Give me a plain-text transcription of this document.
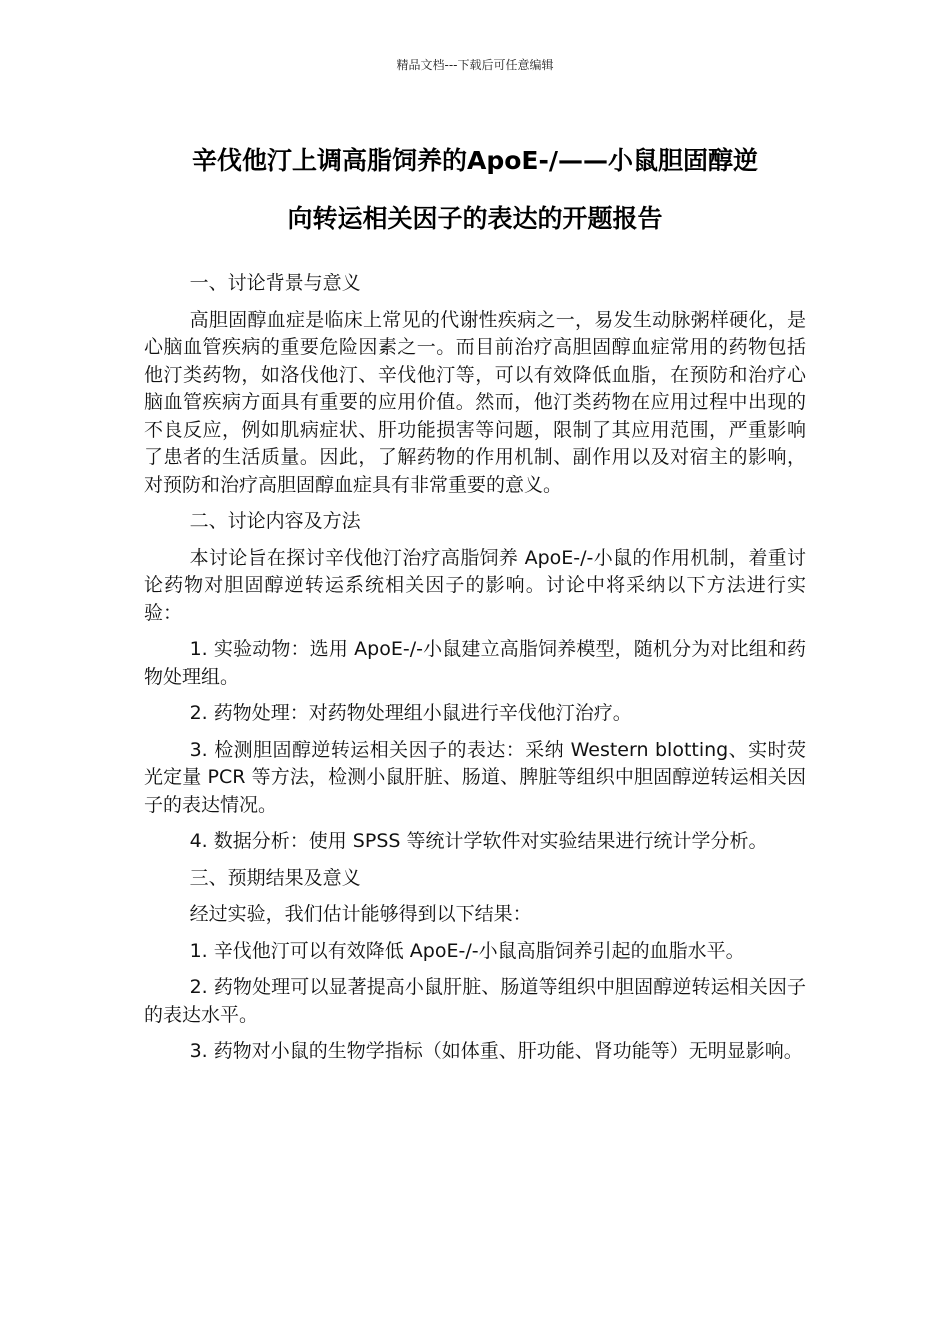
精品文档---下载后可任意编辑
辛伐他汀上调高脂饲养的ApoE-/——小鼠胆固醇逆
向转运相关因子的表达的开题报告

一、讨论背景与意义

高胆固醇血症是临床上常见的代谢性疾病之一，易发生动脉粥样硬化，是心脑血管疾病的重要危险因素之一。而目前治疗高胆固醇血症常用的药物包括他汀类药物，如洛伐他汀、辛伐他汀等，可以有效降低血脂，在预防和治疗心脑血管疾病方面具有重要的应用价值。然而，他汀类药物在应用过程中出现的不良反应，例如肌病症状、肝功能损害等问题，限制了其应用范围，严重影响了患者的生活质量。因此，了解药物的作用机制、副作用以及对宿主的影响，对预防和治疗高胆固醇血症具有非常重要的意义。

二、讨论内容及方法

本讨论旨在探讨辛伐他汀治疗高脂饲养 ApoE-/-小鼠的作用机制，着重讨论药物对胆固醇逆转运系统相关因子的影响。讨论中将采纳以下方法进行实验：

1. 实验动物：选用 ApoE-/-小鼠建立高脂饲养模型，随机分为对比组和药物处理组。

2. 药物处理：对药物处理组小鼠进行辛伐他汀治疗。

3. 检测胆固醇逆转运相关因子的表达：采纳 Western blotting、实时荧光定量 PCR 等方法，检测小鼠肝脏、肠道、脾脏等组织中胆固醇逆转运相关因子的表达情况。

4. 数据分析：使用 SPSS 等统计学软件对实验结果进行统计学分析。

三、预期结果及意义

经过实验，我们估计能够得到以下结果：

1. 辛伐他汀可以有效降低 ApoE-/-小鼠高脂饲养引起的血脂水平。

2. 药物处理可以显著提高小鼠肝脏、肠道等组织中胆固醇逆转运相关因子的表达水平。

3. 药物对小鼠的生物学指标（如体重、肝功能、肾功能等）无明显影响。
